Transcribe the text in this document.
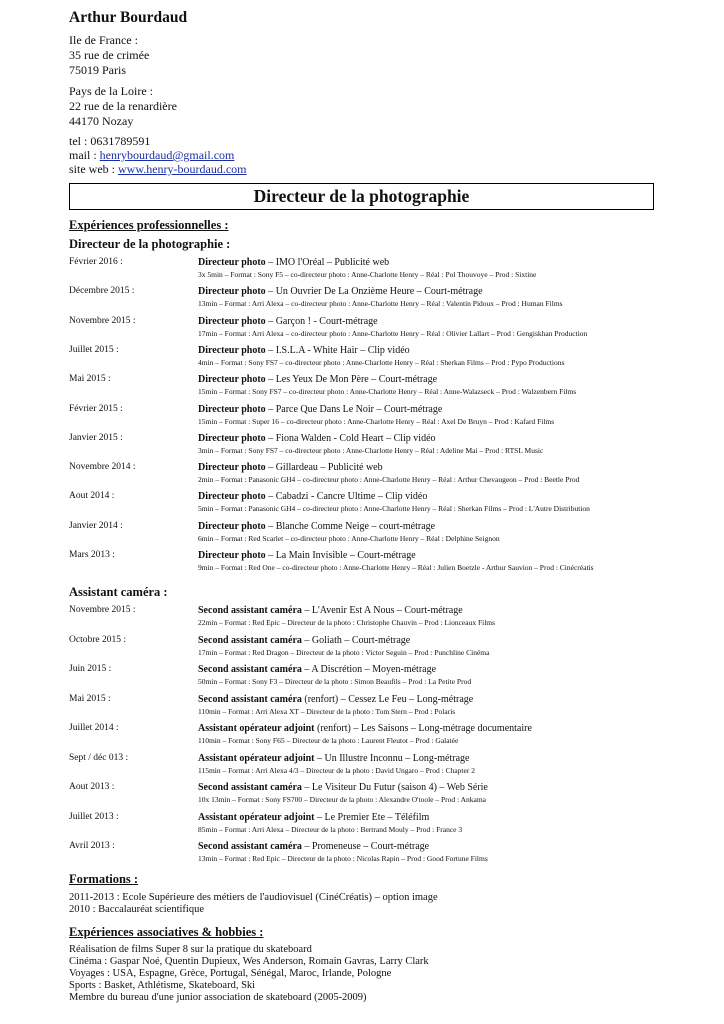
Arthur Bourdaud
Ile de France :
35 rue de crimée
75019 Paris
Pays de la Loire :
22 rue de la renardière
44170 Nozay
tel : 0631789591
mail : henrybourdaud@gmail.com
site web : www.henry-bourdaud.com
Directeur de la photographie
Expériences professionnelles :
Directeur de la photographie :
Février 2016 :	Directeur photo – IMO l'Oréal – Publicité web
3x 5min – Format : Sony F5 – co-directeur photo : Anne-Charlotte Henry – Réal : Pol Thouvoye – Prod : Sixtine
Décembre 2015 :	Directeur photo – Un Ouvrier De La Onzième Heure – Court-métrage
13min – Format : Arri Alexa – co-directeur photo : Anne-Charlotte Henry – Réal : Valentin Pidoux – Prod : Human Films
Novembre 2015 :	Directeur photo – Garçon ! - Court-métrage
17min – Format : Arri Alexa – co-directeur photo : Anne-Charlotte Henry – Réal : Olivier Lallart – Prod : Gengiskhan Production
Juillet 2015 :	Directeur photo – I.S.L.A - White Hair – Clip vidéo
4min – Format : Sony FS7 – co-directeur photo : Anne-Charlotte Henry – Réal : Sherkan Films – Prod : Pypo Productions
Mai 2015 :	Directeur photo – Les Yeux De Mon Père – Court-métrage
15min – Format : Sony FS7 – co-directeur photo : Anne-Charlotte Henry – Réal : Anne-Walazseck – Prod : Walzenbern Films
Février 2015 :	Directeur photo – Parce Que Dans Le Noir – Court-métrage
15min – Format : Super 16 – co-directeur photo : Anne-Charlotte Henry – Réal : Axel De Bruyn – Prod : Kafard Films
Janvier 2015 :	Directeur photo – Fiona Walden - Cold Heart – Clip vidéo
3min – Format : Sony FS7 – co-directeur photo : Anne-Charlotte Henry – Réal : Adeline Mai – Prod : RTSL Music
Novembre 2014 :	Directeur photo – Gillardeau – Publicité web
2min – Format : Panasonic GH4 – co-directeur photo : Anne-Charlotte Henry – Réal : Arthur Chevaugeon – Prod : Beetle Prod
Aout 2014 :	Directeur photo – Cabadzi - Cancre Ultime – Clip vidéo
5min – Format : Panasonic GH4 – co-directeur photo : Anne-Charlotte Henry – Réal : Sherkan Films – Prod : L'Autre Distribution
Janvier 2014 :	Directeur photo – Blanche Comme Neige – court-métrage
6min – Format : Red Scarlet – co-directeur photo : Anne-Charlotte Henry – Réal : Delphine Seignon
Mars 2013 :	Directeur photo – La Main Invisible – Court-métrage
9min – Format : Red One – co-directeur photo : Anne-Charlotte Henry – Réal : Julien Boetzle - Arthur Sauvion – Prod : Cinécréatis
Assistant caméra :
Novembre 2015 :	Second assistant caméra – L'Avenir Est A Nous – Court-métrage
22min – Format : Red Epic – Directeur de la photo : Christophe Chauvin – Prod : Lionceaux Films
Octobre 2015 :	Second assistant caméra – Goliath – Court-métrage
17min – Format : Red Dragon – Directeur de la photo : Victor Seguin – Prod : Punchline Cinéma
Juin 2015 :	Second assistant caméra – A Discrétion – Moyen-métrage
50min – Format : Sony F3 – Directeur de la photo : Simon Beaufils – Prod : La Petite Prod
Mai 2015 :	Second assistant caméra (renfort) – Cessez Le Feu – Long-métrage
110min – Format : Arri Alexa XT – Directeur de la photo : Tom Stern – Prod : Polaris
Juillet 2014 :	Assistant opérateur adjoint (renfort) – Les Saisons – Long-métrage documentaire
110min – Format : Sony F65 – Directeur de la photo : Laurent Fleutot – Prod : Galatée
Sept / déc 013 :	Assistant opérateur adjoint – Un Illustre Inconnu – Long-métrage
115min – Format : Arri Alexa 4/3 – Directeur de la photo : David Ungaro – Prod : Chapter 2
Aout 2013 :	Second assistant caméra – Le Visiteur Du Futur (saison 4) – Web Série
10x 13min – Format : Sony FS700 – Directeur de la photo : Alexandre O'toole – Prod : Ankama
Juillet 2013 :	Assistant opérateur adjoint – Le Premier Ete – Téléfilm
85min – Format : Arri Alexa – Directeur de la photo : Bertrand Mouly – Prod : France 3
Avril 2013 :	Second assistant caméra – Promeneuse – Court-métrage
13min – Format : Red Epic – Directeur de la photo : Nicolas Rapin – Prod : Good Fortune Films
Formations :
2011-2013 : Ecole Supérieure des métiers de l'audiovisuel (CinéCréatis) – option image
2010 : Baccalauréat scientifique
Expériences associatives & hobbies :
Réalisation de films Super 8 sur la pratique du skateboard
Cinéma : Gaspar Noé, Quentin Dupieux, Wes Anderson, Romain Gavras, Larry Clark
Voyages : USA, Espagne, Grèce, Portugal, Sénégal, Maroc, Irlande, Pologne
Sports : Basket, Athlétisme, Skateboard, Ski
Membre du bureau d'une junior association de skateboard (2005-2009)
